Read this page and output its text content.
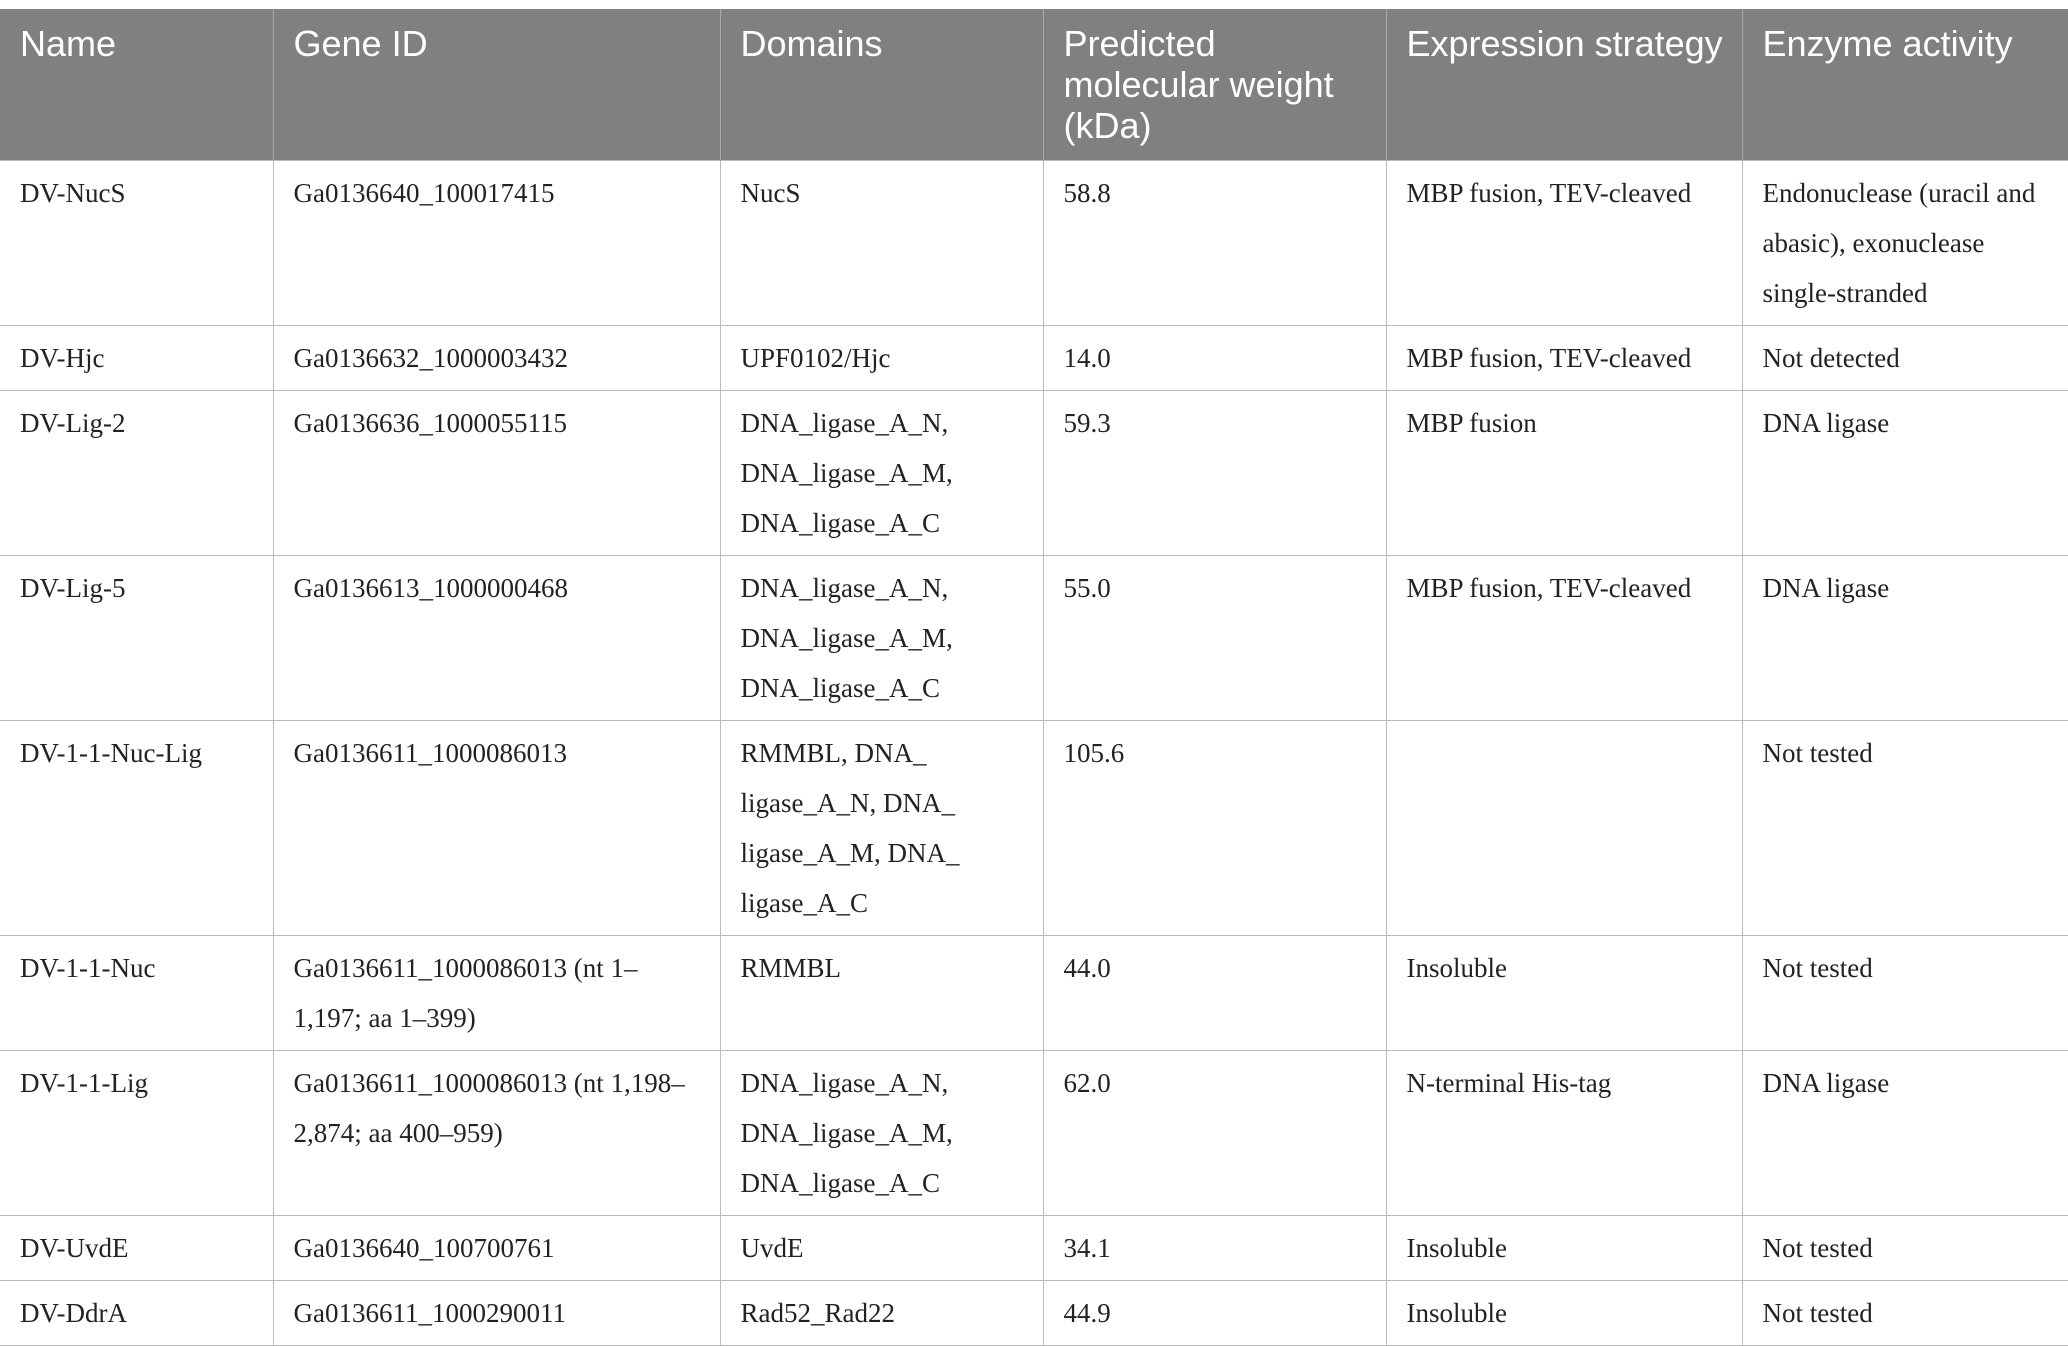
Name	Gene ID	Domains	Predicted molecular weight (kDa)	Expression strategy	Enzyme activity
DV-NucS	Ga0136640_100017415	NucS	58.8	MBP fusion, TEV-cleaved	Endonuclease (uracil and abasic), exonuclease single-stranded
DV-Hjc	Ga0136632_1000003432	UPF0102/Hjc	14.0	MBP fusion, TEV-cleaved	Not detected
DV-Lig-2	Ga0136636_1000055115	DNA_ligase_A_N, DNA_ligase_A_M, DNA_ligase_A_C	59.3	MBP fusion	DNA ligase
DV-Lig-5	Ga0136613_1000000468	DNA_ligase_A_N, DNA_ligase_A_M, DNA_ligase_A_C	55.0	MBP fusion, TEV-cleaved	DNA ligase
DV-1-1-Nuc-Lig	Ga0136611_1000086013	RMMBL, DNA_ ligase_A_N, DNA_ ligase_A_M, DNA_ ligase_A_C	105.6		Not tested
DV-1-1-Nuc	Ga0136611_1000086013 (nt 1–1,197; aa 1–399)	RMMBL	44.0	Insoluble	Not tested
DV-1-1-Lig	Ga0136611_1000086013 (nt 1,198–2,874; aa 400–959)	DNA_ligase_A_N, DNA_ligase_A_M, DNA_ligase_A_C	62.0	N-terminal His-tag	DNA ligase
DV-UvdE	Ga0136640_100700761	UvdE	34.1	Insoluble	Not tested
DV-DdrA	Ga0136611_1000290011	Rad52_Rad22	44.9	Insoluble	Not tested
